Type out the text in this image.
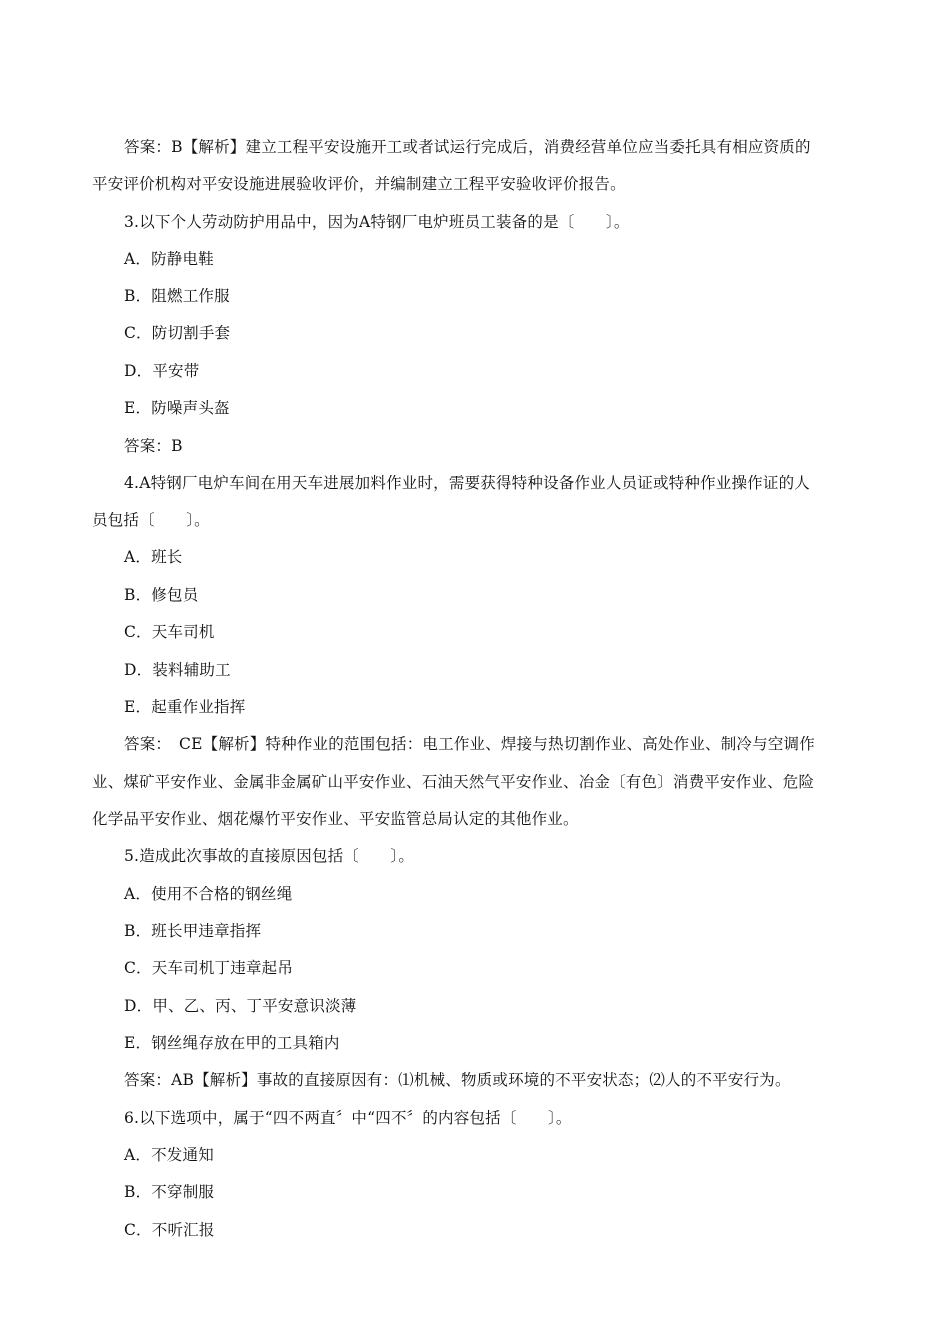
答案：B【解析】建立工程平安设施开工或者试运行完成后，消费经营单位应当委托具有相应资质的
平安评价机构对平安设施进展验收评价，并编制建立工程平安验收评价报告。
3.以下个人劳动防护用品中，因为A特钢厂电炉班员工装备的是〔　　〕。
A．防静电鞋
B．阻燃工作服
C．防切割手套
D．平安带
E．防噪声头盔
答案：B
4.A特钢厂电炉车间在用天车进展加料作业时，需要获得特种设备作业人员证或特种作业操作证的人
员包括〔　　〕。
A．班长
B．修包员
C．天车司机
D．装料辅助工
E．起重作业指挥
答案：　CE【解析】特种作业的范围包括：电工作业、焊接与热切割作业、高处作业、制冷与空调作
业、煤矿平安作业、金属非金属矿山平安作业、石油天然气平安作业、冶金〔有色〕消费平安作业、危险
化学品平安作业、烟花爆竹平安作业、平安监管总局认定的其他作业。
5.造成此次事故的直接原因包括〔　　〕。
A．使用不合格的钢丝绳
B．班长甲违章指挥
C．天车司机丁违章起吊
D．甲、乙、丙、丁平安意识淡薄
E．钢丝绳存放在甲的工具箱内
答案：AB【解析】事故的直接原因有：⑴机械、物质或环境的不平安状态；⑵人的不平安行为。
6.以下选项中，属于“四不两直〞中“四不〞的内容包括〔　　〕。
A．不发通知
B．不穿制服
C．不听汇报
